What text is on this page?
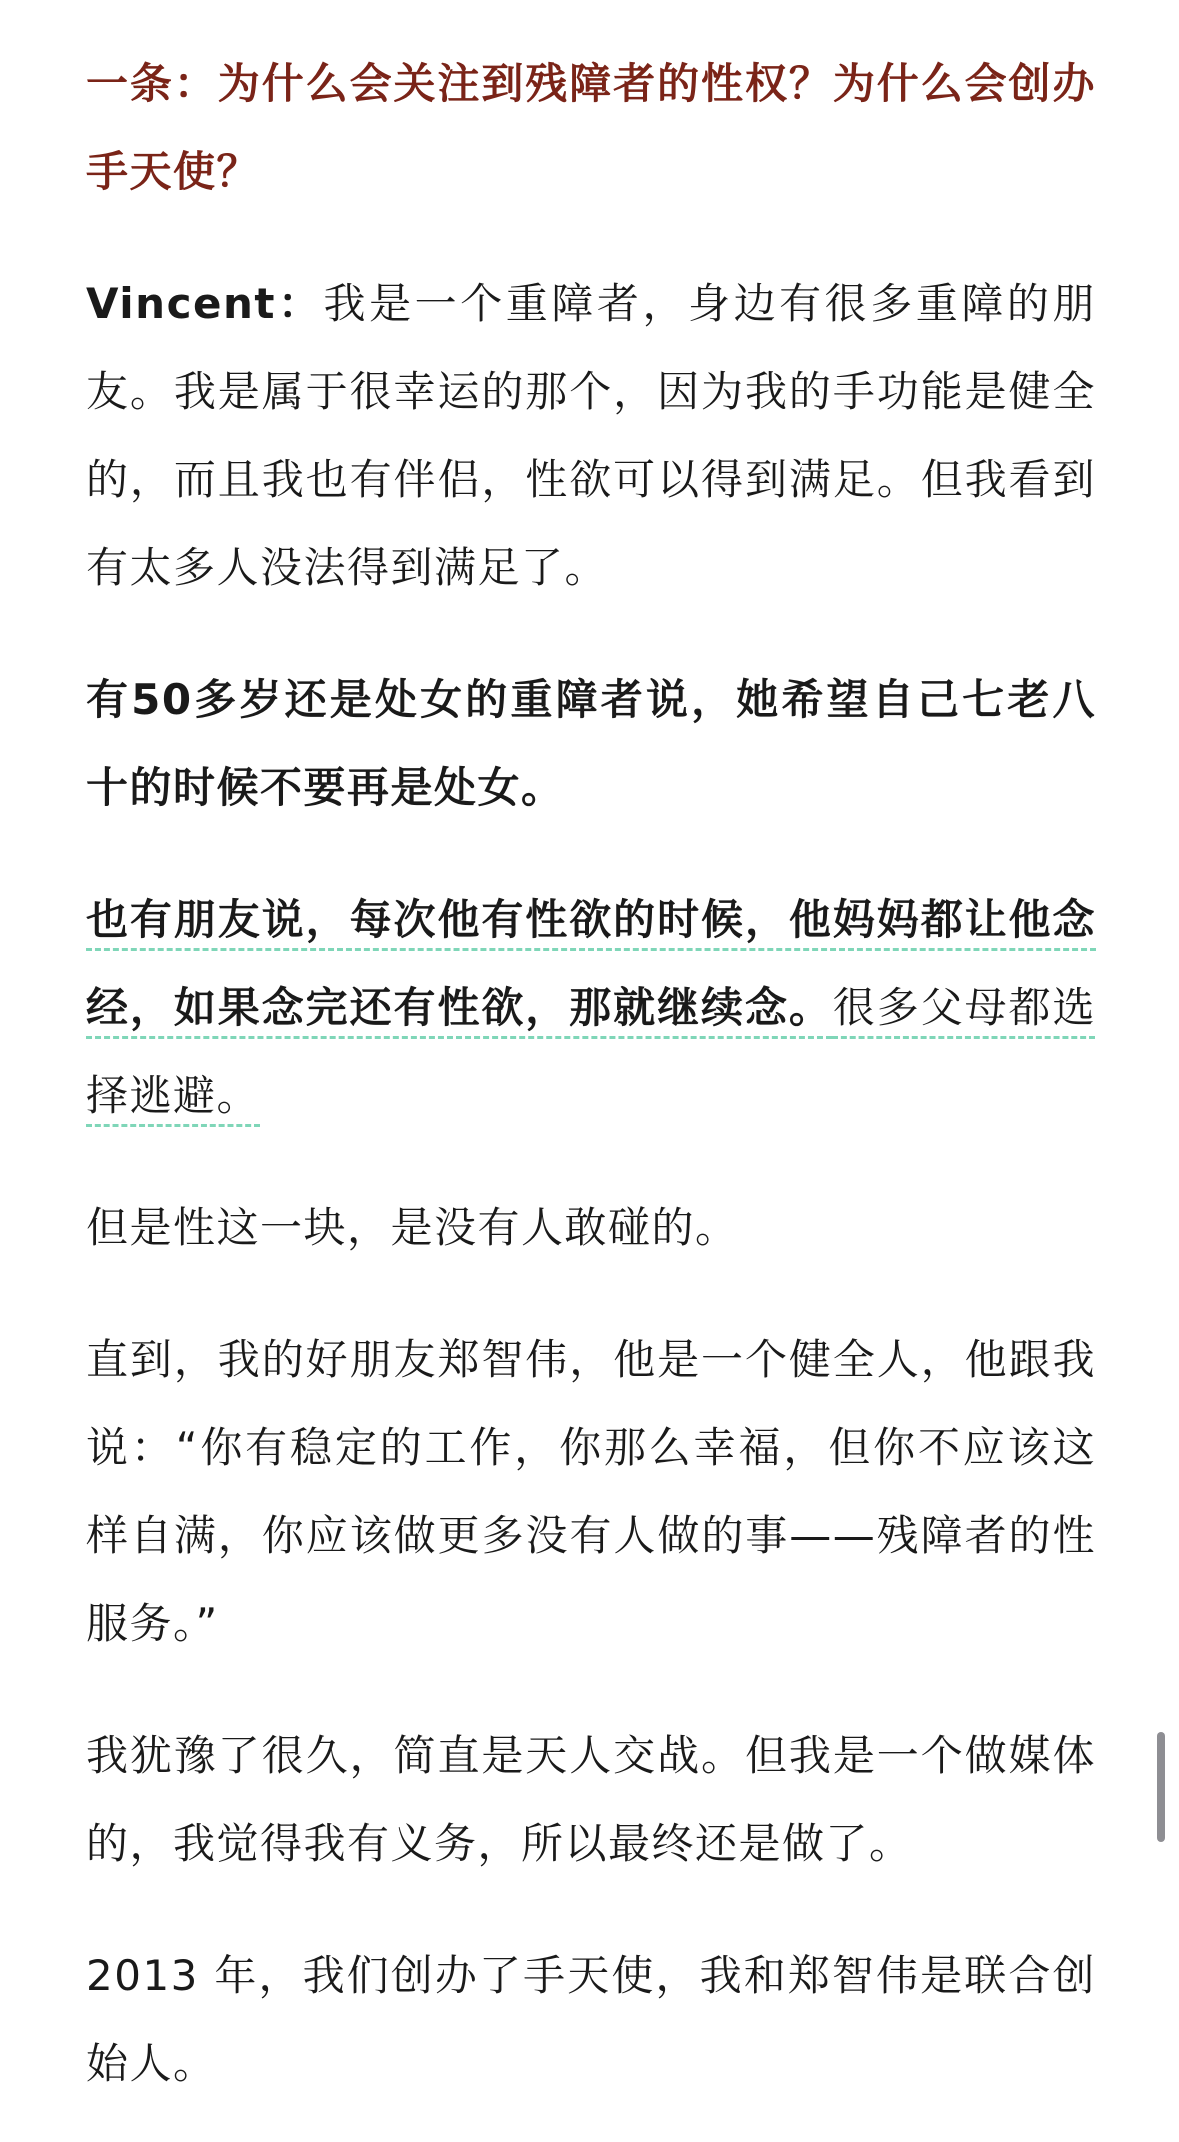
一条：为什么会关注到残障者的性权？为什么会创办手天使？

Vincent：我是一个重障者，身边有很多重障的朋友。我是属于很幸运的那个，因为我的手功能是健全的，而且我也有伴侣，性欲可以得到满足。但我看到有太多人没法得到满足了。

有50多岁还是处女的重障者说，她希望自己七老八十的时候不要再是处女。

也有朋友说，每次他有性欲的时候，他妈妈都让他念经，如果念完还有性欲，那就继续念。很多父母都选择逃避。

但是性这一块，是没有人敢碰的。

直到，我的好朋友郑智伟，他是一个健全人，他跟我说：“你有稳定的工作，你那么幸福，但你不应该这样自满，你应该做更多没有人做的事——残障者的性服务。”

我犹豫了很久，简直是天人交战。但我是一个做媒体的，我觉得我有义务，所以最终还是做了。

2013 年，我们创办了手天使，我和郑智伟是联合创始人。
